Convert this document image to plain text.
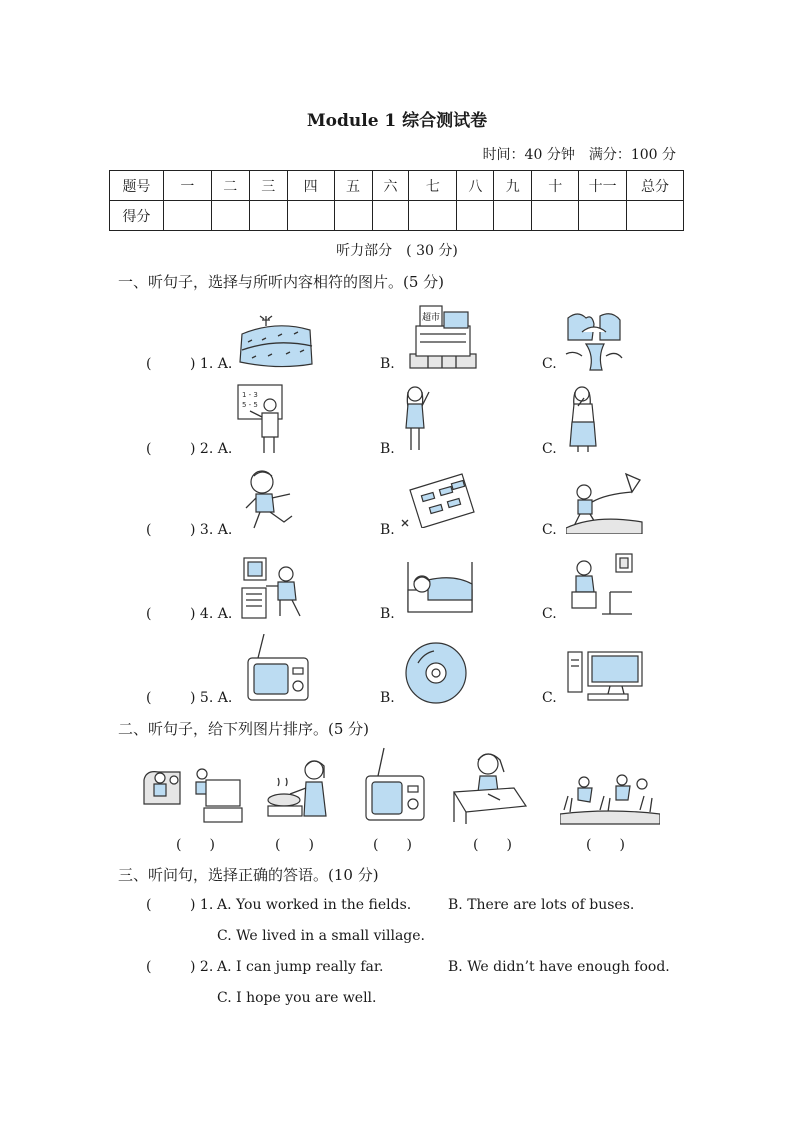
Module 1 综合测试卷
时间：40 分钟 满分：100 分
题号	一	二	三	四	五	六	七	八	九	十	十一	总分
得分												
听力部分　( 30 分)
一、听句子，选择与所听内容相符的图片。(5 分)
(	) 1. A.	B.	C.
(	) 2. A.	B.	C.
(	) 3. A.	B.	C.
(	) 4. A.	B.	C.
(	) 5. A.	B.	C.
超市
1 - 3
5 - 5
二、听句子，给下列图片排序。(5 分)
(　　)	(　　)	(　　)	(　　)	(　　)
三、听问句，选择正确的答语。(10 分)
(	) 1. A. You worked in the fields.	B. There are lots of buses.
C. We lived in a small village.
(	) 2. A. I can jump really far.	B. We didn’t have enough food.
C. I hope you are well.
